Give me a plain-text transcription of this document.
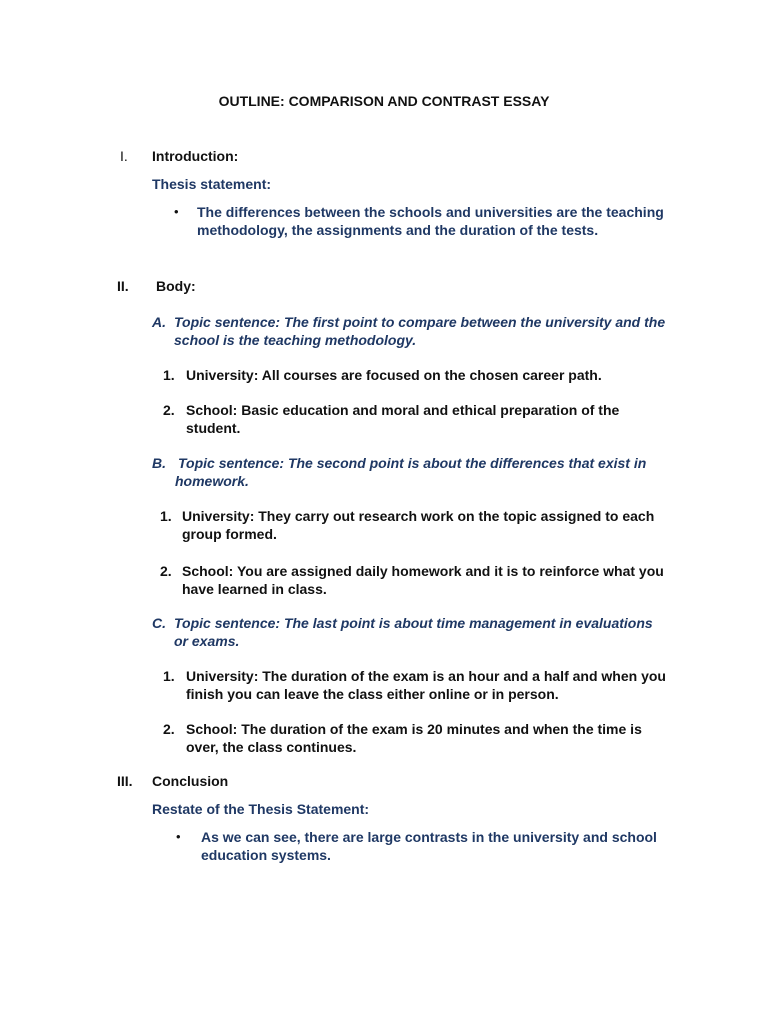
OUTLINE: COMPARISON AND CONTRAST ESSAY
I. Introduction:
Thesis statement:
• The differences between the schools and universities are the teaching
methodology, the assignments and the duration of the tests.
II. Body:
A. Topic sentence: The first point to compare between the university and the
school is the teaching methodology.
1. University: All courses are focused on the chosen career path.
2. School: Basic education and moral and ethical preparation of the
student.
B. Topic sentence: The second point is about the differences that exist in
homework.
1. University: They carry out research work on the topic assigned to each
group formed.
2. School: You are assigned daily homework and it is to reinforce what you
have learned in class.
C. Topic sentence: The last point is about time management in evaluations
or exams.
1. University: The duration of the exam is an hour and a half and when you
finish you can leave the class either online or in person.
2. School: The duration of the exam is 20 minutes and when the time is
over, the class continues.
III. Conclusion
Restate of the Thesis Statement:
• As we can see, there are large contrasts in the university and school
education systems.
